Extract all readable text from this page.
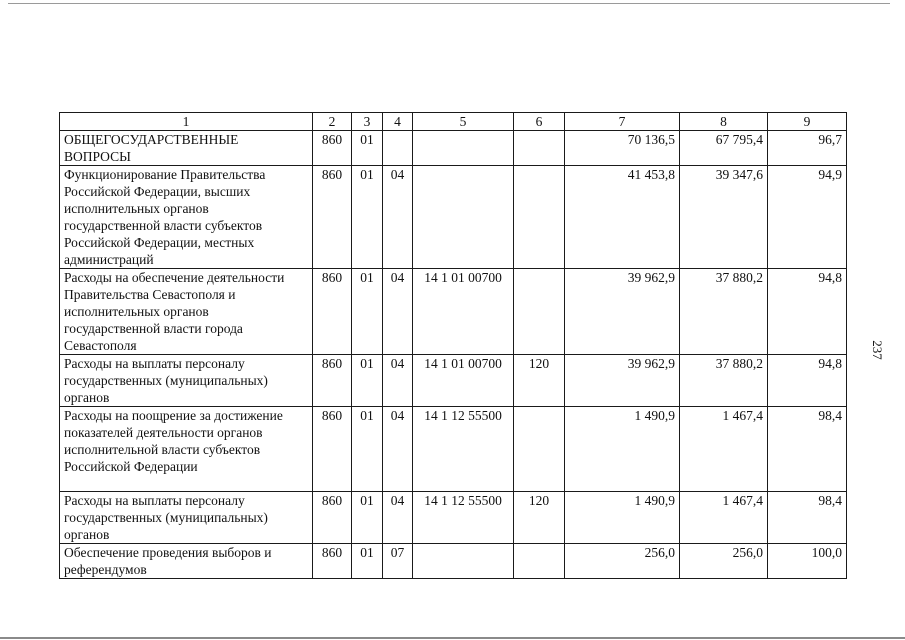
1	2	3	4	5	6	7	8	9
ОБЩЕГОСУДАРСТВЕННЫЕ ВОПРОСЫ	860	01				70 136,5	67 795,4	96,7
Функционирование Правительства Российской Федерации, высших исполнительных органов государственной власти субъектов Российской Федерации, местных администраций	860	01	04			41 453,8	39 347,6	94,9
Расходы на обеспечение деятельности Правительства Севастополя и исполнительных органов государственной власти города Севастополя	860	01	04	14 1 01 00700		39 962,9	37 880,2	94,8
Расходы на выплаты персоналу государственных (муниципальных) органов	860	01	04	14 1 01 00700	120	39 962,9	37 880,2	94,8
Расходы на поощрение за достижение показателей деятельности органов исполнительной власти субъектов Российской Федерации	860	01	04	14 1 12 55500		1 490,9	1 467,4	98,4
Расходы на выплаты персоналу государственных (муниципальных) органов	860	01	04	14 1 12 55500	120	1 490,9	1 467,4	98,4
Обеспечение проведения выборов и референдумов	860	01	07			256,0	256,0	100,0
237
